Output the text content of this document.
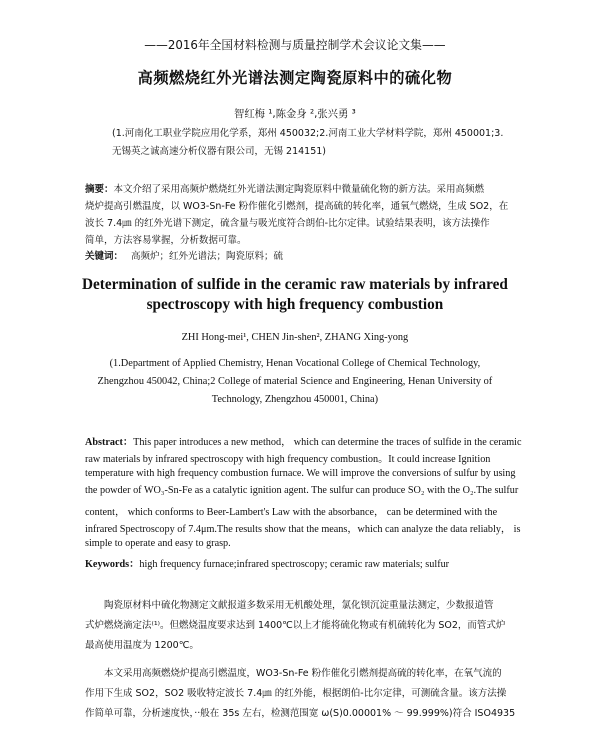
——2016年全国材料检测与质量控制学术会议论文集——
高频燃烧红外光谱法测定陶瓷原料中的硫化物
智红梅 ¹,陈金身 ²,张兴勇 ³
(1.河南化工职业学院应用化学系，郑州 450032;2.河南工业大学材料学院，郑州 450001;3.
无锡英之诚高速分析仪器有限公司，无锡 214151)
摘要：本文介绍了采用高频炉燃烧红外光谱法测定陶瓷原料中微量硫化物的新方法。采用高频燃
烧炉提高引燃温度，以 WO3-Sn-Fe 粉作催化引燃剂，提高硫的转化率，通氧气燃烧，生成 SO2，在
波长 7.4㎛ 的红外光谱下测定，硫含量与吸光度符合朗伯-比尔定律。试验结果表明，该方法操作
简单，方法容易掌握，分析数据可靠。
关键词： 高频炉；红外光谱法；陶瓷原料；硫
Determination of sulfide in the ceramic raw materials by infrared
spectroscopy with high frequency combustion
ZHI Hong-mei¹, CHEN Jin-shen², ZHANG Xing-yong
(1.Department of Applied Chemistry, Henan Vocational College of Chemical Technology,
Zhengzhou 450042, China;2 College of material Science and Engineering, Henan University of
Technology, Zhengzhou 450001, China)
Abstract：This paper introduces a new method， which can determine the traces of sulfide in the ceramic
raw materials by infrared spectroscopy with high frequency combustion。It could increase Ignition
temperature with high frequency combustion furnace. We will improve the conversions of sulfur by using
the powder of WO₃-Sn-Fe as a catalytic ignition agent. The sulfur can produce SO₂ with the O₂.The sulfur
content， which conforms to Beer-Lambert's Law with the absorbance， can be determined with the
infrared Spectroscopy of 7.4μm.The results show that the means，which can analyze the data reliably， is
simple to operate and easy to grasp.
Keywords：high frequency furnace;infrared spectroscopy; ceramic raw materials; sulfur
陶瓷原材料中硫化物测定文献报道多数采用无机酸处理，氯化钡沉淀重量法测定，少数报道管
式炉燃烧滴定法⁽¹⁾。但燃烧温度要求达到 1400℃以上才能将硫化物或有机硫转化为 SO2，而管式炉
最高使用温度为 1200℃。
本文采用高频燃烧炉提高引燃温度，WO3-Sn-Fe 粉作催化引燃剂提高硫的转化率，在氧气流的
作用下生成 SO2，SO2 吸收特定波长 7.4㎛ 的红外能，根据朗伯-比尔定律，可测硫含量。该方法操
作简单可靠，分析速度快，··般在 35s 左右，检测范围宽 ω(S)0.00001% ～ 99.999%)符合 ISO4935
